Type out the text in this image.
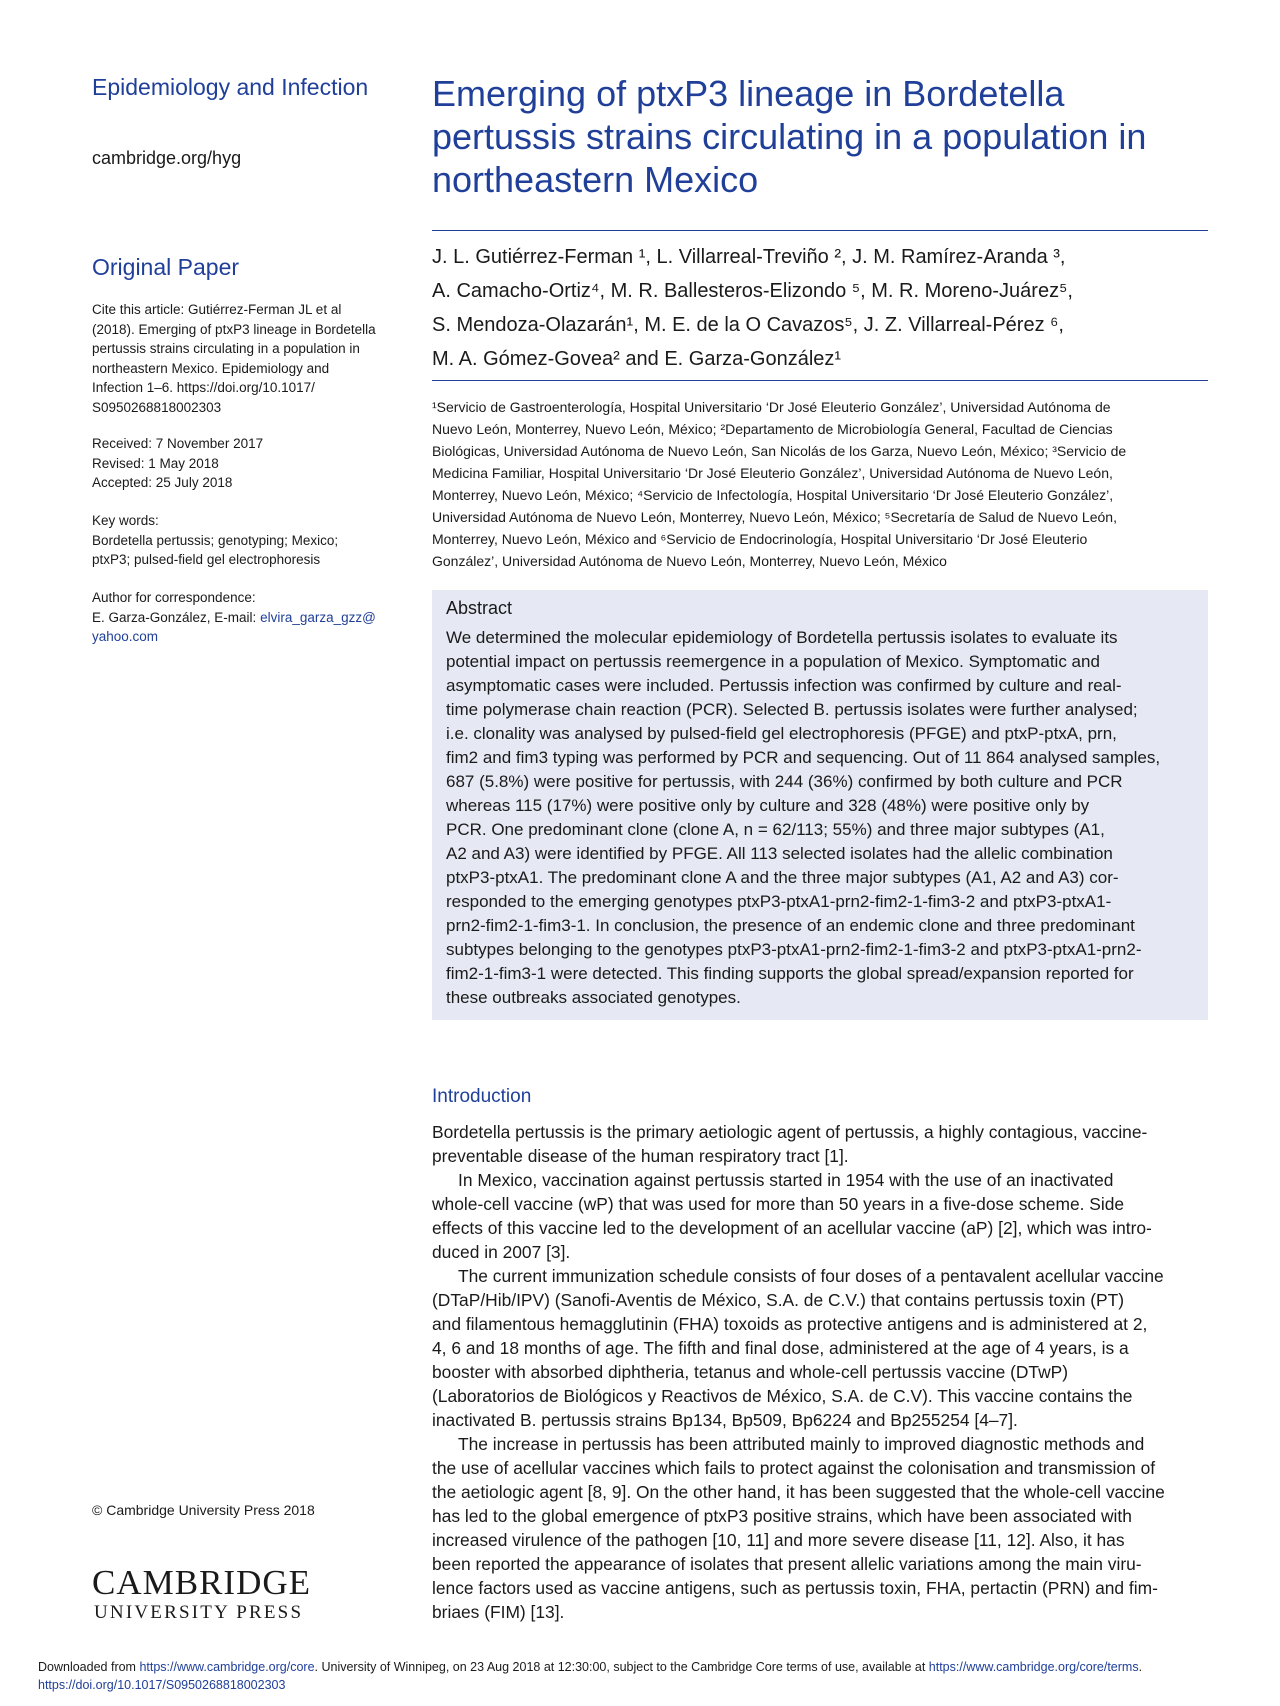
Epidemiology and Infection
cambridge.org/hyg
Original Paper

Cite this article: Gutiérrez-Ferman JL et al

(2018). Emerging of ptxP3 lineage in Bordetella

pertussis strains circulating in a population in

northeastern Mexico. Epidemiology and

Infection 1–6. https://doi.org/10.1017/

S0950268818002303

Received: 7 November 2017

Revised: 1 May 2018

Accepted: 25 July 2018

Key words:

Bordetella pertussis; genotyping; Mexico;

ptxP3; pulsed-field gel electrophoresis

Author for correspondence:

E. Garza-González, E-mail: elvira_garza_gzz@

yahoo.com

© Cambridge University Press 2018
CAMBRIDGE
UNIVERSITY PRESS
Emerging of ptxP3 lineage in Bordetella
pertussis strains circulating in a population in
northeastern Mexico

J. L. Gutiérrez-Ferman ¹, L. Villarreal-Treviño ², J. M. Ramírez-Aranda ³,

A. Camacho-Ortiz⁴, M. R. Ballesteros-Elizondo ⁵, M. R. Moreno-Juárez⁵,

S. Mendoza-Olazarán¹, M. E. de la O Cavazos⁵, J. Z. Villarreal-Pérez ⁶,

M. A. Gómez-Govea² and E. Garza-González¹

¹Servicio de Gastroenterología, Hospital Universitario ‘Dr José Eleuterio González’, Universidad Autónoma de

Nuevo León, Monterrey, Nuevo León, México; ²Departamento de Microbiología General, Facultad de Ciencias

Biológicas, Universidad Autónoma de Nuevo León, San Nicolás de los Garza, Nuevo León, México; ³Servicio de

Medicina Familiar, Hospital Universitario ‘Dr José Eleuterio González’, Universidad Autónoma de Nuevo León,

Monterrey, Nuevo León, México; ⁴Servicio de Infectología, Hospital Universitario ‘Dr José Eleuterio González’,

Universidad Autónoma de Nuevo León, Monterrey, Nuevo León, México; ⁵Secretaría de Salud de Nuevo León,

Monterrey, Nuevo León, México and ⁶Servicio de Endocrinología, Hospital Universitario ‘Dr José Eleuterio

González’, Universidad Autónoma de Nuevo León, Monterrey, Nuevo León, México

Abstract

We determined the molecular epidemiology of Bordetella pertussis isolates to evaluate its

potential impact on pertussis reemergence in a population of Mexico. Symptomatic and

asymptomatic cases were included. Pertussis infection was confirmed by culture and real-

time polymerase chain reaction (PCR). Selected B. pertussis isolates were further analysed;

i.e. clonality was analysed by pulsed-field gel electrophoresis (PFGE) and ptxP-ptxA, prn,

fim2 and fim3 typing was performed by PCR and sequencing. Out of 11 864 analysed samples,

687 (5.8%) were positive for pertussis, with 244 (36%) confirmed by both culture and PCR

whereas 115 (17%) were positive only by culture and 328 (48%) were positive only by

PCR. One predominant clone (clone A, n = 62/113; 55%) and three major subtypes (A1,

A2 and A3) were identified by PFGE. All 113 selected isolates had the allelic combination

ptxP3-ptxA1. The predominant clone A and the three major subtypes (A1, A2 and A3) cor-

responded to the emerging genotypes ptxP3-ptxA1-prn2-fim2-1-fim3-2 and ptxP3-ptxA1-

prn2-fim2-1-fim3-1. In conclusion, the presence of an endemic clone and three predominant

subtypes belonging to the genotypes ptxP3-ptxA1-prn2-fim2-1-fim3-2 and ptxP3-ptxA1-prn2-

fim2-1-fim3-1 were detected. This finding supports the global spread/expansion reported for

these outbreaks associated genotypes.

Introduction

Bordetella pertussis is the primary aetiologic agent of pertussis, a highly contagious, vaccine-

preventable disease of the human respiratory tract [1].

In Mexico, vaccination against pertussis started in 1954 with the use of an inactivated

whole-cell vaccine (wP) that was used for more than 50 years in a five-dose scheme. Side

effects of this vaccine led to the development of an acellular vaccine (aP) [2], which was intro-

duced in 2007 [3].

The current immunization schedule consists of four doses of a pentavalent acellular vaccine

(DTaP/Hib/IPV) (Sanofi-Aventis de México, S.A. de C.V.) that contains pertussis toxin (PT)

and filamentous hemagglutinin (FHA) toxoids as protective antigens and is administered at 2,

4, 6 and 18 months of age. The fifth and final dose, administered at the age of 4 years, is a

booster with absorbed diphtheria, tetanus and whole-cell pertussis vaccine (DTwP)

(Laboratorios de Biológicos y Reactivos de México, S.A. de C.V). This vaccine contains the

inactivated B. pertussis strains Bp134, Bp509, Bp6224 and Bp255254 [4–7].

The increase in pertussis has been attributed mainly to improved diagnostic methods and

the use of acellular vaccines which fails to protect against the colonisation and transmission of

the aetiologic agent [8, 9]. On the other hand, it has been suggested that the whole-cell vaccine

has led to the global emergence of ptxP3 positive strains, which have been associated with

increased virulence of the pathogen [10, 11] and more severe disease [11, 12]. Also, it has

been reported the appearance of isolates that present allelic variations among the main viru-

lence factors used as vaccine antigens, such as pertussis toxin, FHA, pertactin (PRN) and fim-

briaes (FIM) [13].

Downloaded from https://www.cambridge.org/core. University of Winnipeg, on 23 Aug 2018 at 12:30:00, subject to the Cambridge Core terms of use, available at https://www.cambridge.org/core/terms.

https://doi.org/10.1017/S0950268818002303
